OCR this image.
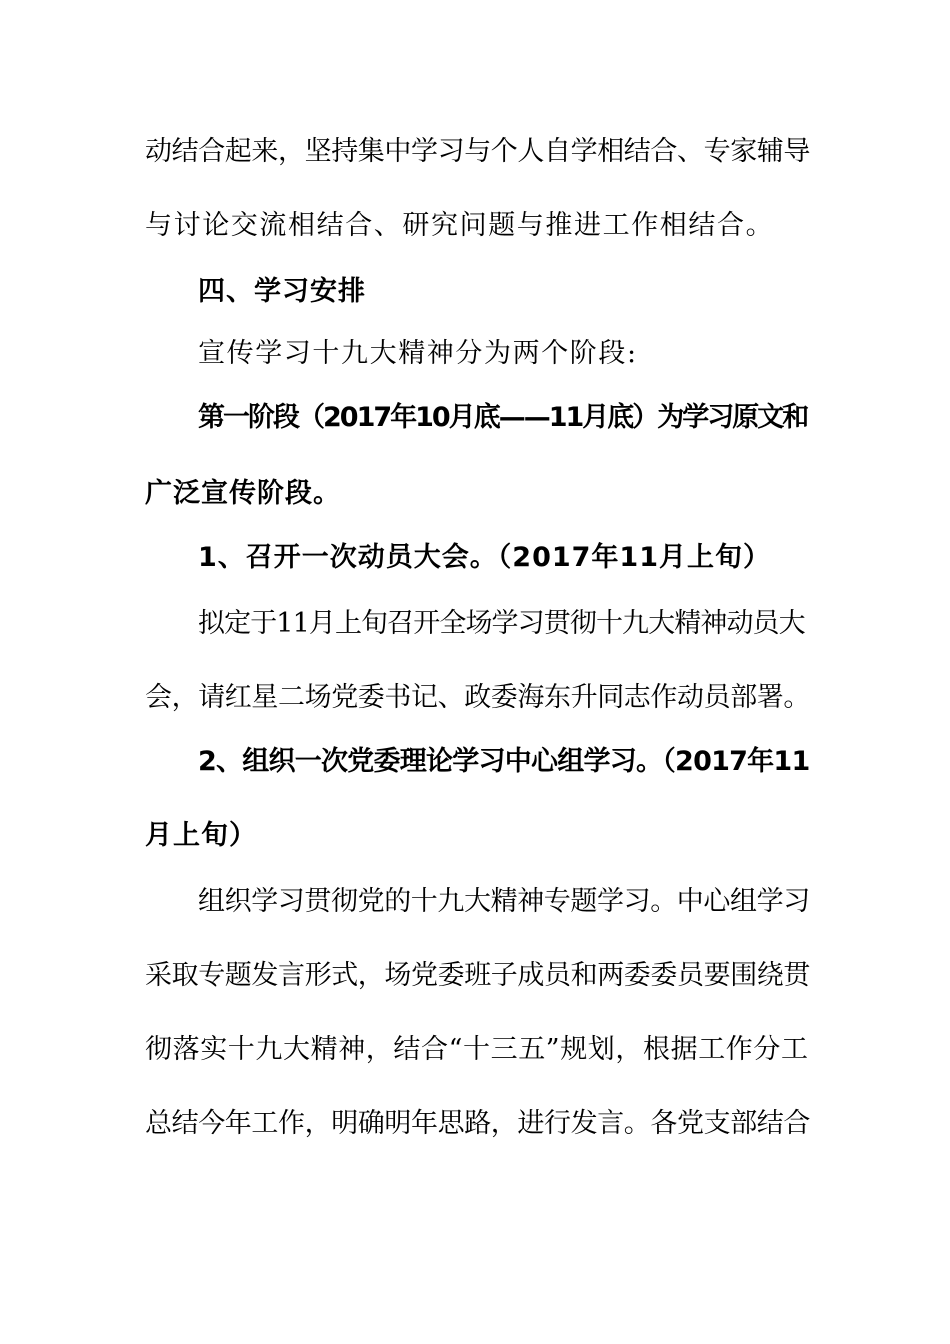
动结合起来，坚持集中学习与个人自学相结合、专家辅导
与讨论交流相结合、研究问题与推进工作相结合。
四、学习安排
宣传学习十九大精神分为两个阶段:
第一阶段（2017年10月底——11月底）为学习原文和
广泛宣传阶段。
1、召开一次动员大会。（2017年11月上旬）
拟定于11月上旬召开全场学习贯彻十九大精神动员大
会，请红星二场党委书记、政委海东升同志作动员部署。
2、组织一次党委理论学习中心组学习。（2017年11
月上旬）
组织学习贯彻党的十九大精神专题学习。中心组学习
采取专题发言形式，场党委班子成员和两委委员要围绕贯
彻落实十九大精神，结合“十三五”规划，根据工作分工
总结今年工作，明确明年思路，进行发言。各党支部结合
